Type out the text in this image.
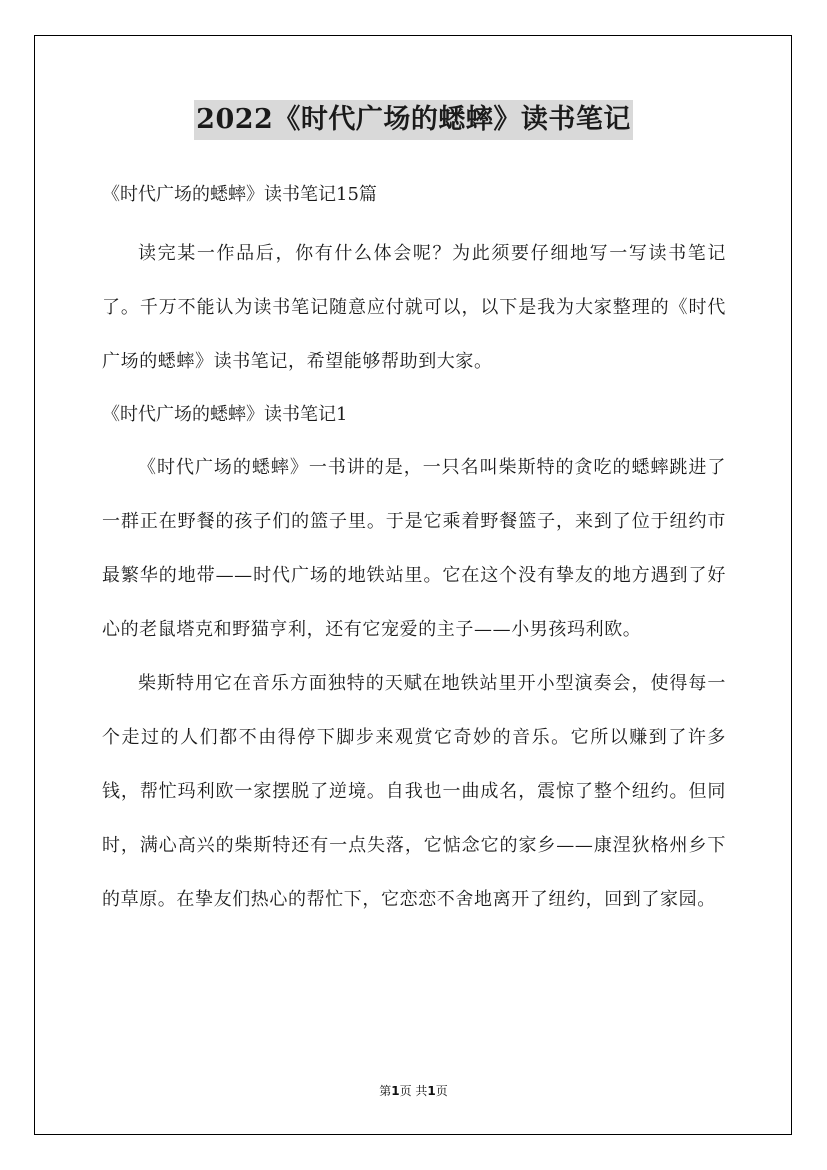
2022《时代广场的蟋蟀》读书笔记

《时代广场的蟋蟀》读书笔记15篇

读完某一作品后，你有什么体会呢？为此须要仔细地写一写读书笔记了。千万不能认为读书笔记随意应付就可以，以下是我为大家整理的《时代广场的蟋蟀》读书笔记，希望能够帮助到大家。

《时代广场的蟋蟀》读书笔记1

《时代广场的蟋蟀》一书讲的是，一只名叫柴斯特的贪吃的蟋蟀跳进了一群正在野餐的孩子们的篮子里。于是它乘着野餐篮子，来到了位于纽约市最繁华的地带——时代广场的地铁站里。它在这个没有挚友的地方遇到了好心的老鼠塔克和野猫亨利，还有它宠爱的主子——小男孩玛利欧。

柴斯特用它在音乐方面独特的天赋在地铁站里开小型演奏会，使得每一个走过的人们都不由得停下脚步来观赏它奇妙的音乐。它所以赚到了许多钱，帮忙玛利欧一家摆脱了逆境。自我也一曲成名，震惊了整个纽约。但同时，满心高兴的柴斯特还有一点失落，它惦念它的家乡——康涅狄格州乡下的草原。在挚友们热心的帮忙下，它恋恋不舍地离开了纽约，回到了家园。

第1页 共1页
